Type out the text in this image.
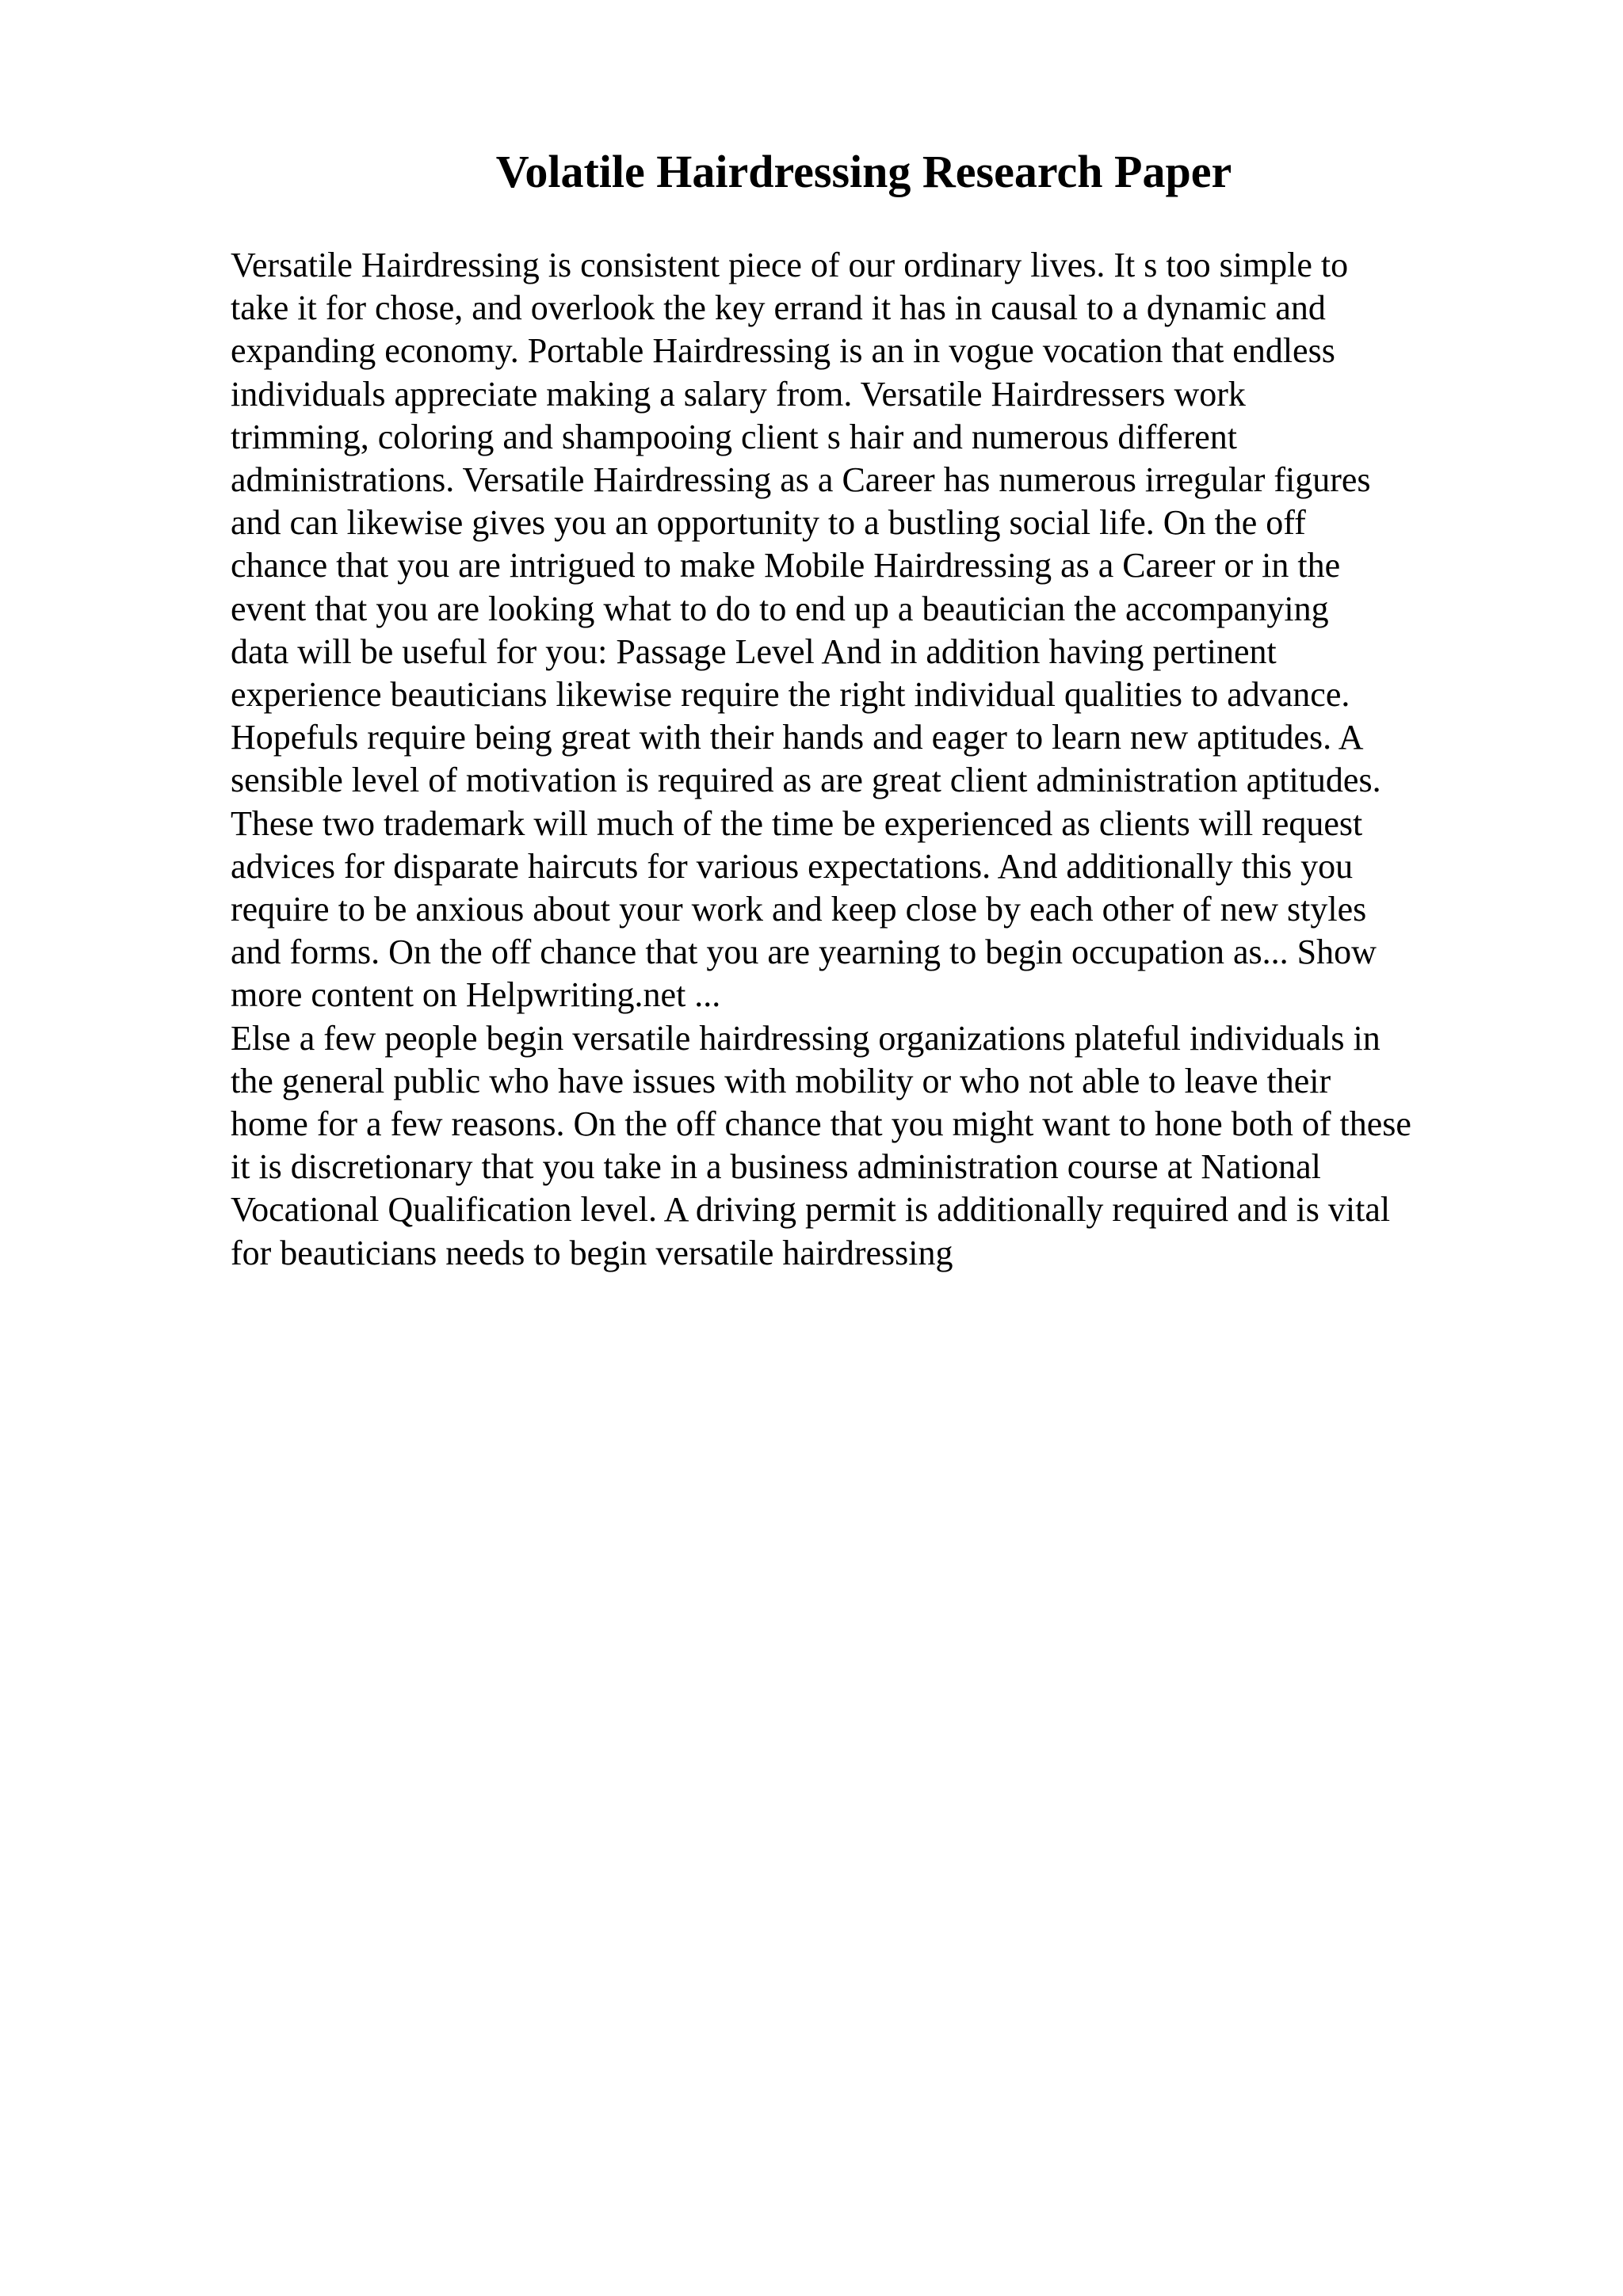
Volatile Hairdressing Research Paper
Versatile Hairdressing is consistent piece of our ordinary lives. It s too simple to
take it for chose, and overlook the key errand it has in causal to a dynamic and
expanding economy. Portable Hairdressing is an in vogue vocation that endless
individuals appreciate making a salary from. Versatile Hairdressers work
trimming, coloring and shampooing client s hair and numerous different
administrations. Versatile Hairdressing as a Career has numerous irregular figures
and can likewise gives you an opportunity to a bustling social life. On the off
chance that you are intrigued to make Mobile Hairdressing as a Career or in the
event that you are looking what to do to end up a beautician the accompanying
data will be useful for you: Passage Level And in addition having pertinent
experience beauticians likewise require the right individual qualities to advance.
Hopefuls require being great with their hands and eager to learn new aptitudes. A
sensible level of motivation is required as are great client administration aptitudes.
These two trademark will much of the time be experienced as clients will request
advices for disparate haircuts for various expectations. And additionally this you
require to be anxious about your work and keep close by each other of new styles
and forms. On the off chance that you are yearning to begin occupation as... Show
more content on Helpwriting.net ...
Else a few people begin versatile hairdressing organizations plateful individuals in
the general public who have issues with mobility or who not able to leave their
home for a few reasons. On the off chance that you might want to hone both of these
it is discretionary that you take in a business administration course at National
Vocational Qualification level. A driving permit is additionally required and is vital
for beauticians needs to begin versatile hairdressing
